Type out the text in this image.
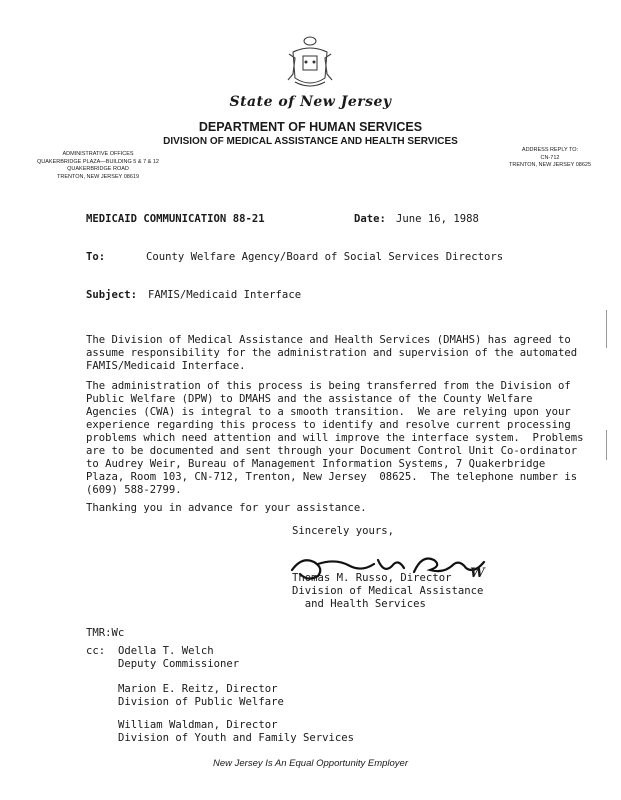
State of New Jersey
DEPARTMENT OF HUMAN SERVICES
DIVISION OF MEDICAL ASSISTANCE AND HEALTH SERVICES
ADMINISTRATIVE OFFICES
QUAKERBRIDGE PLAZA—BUILDING 5 & 7 & 12
QUAKERBRIDGE ROAD
TRENTON, NEW JERSEY 08619
ADDRESS REPLY TO:
CN-712
TRENTON, NEW JERSEY 08625
MEDICAID COMMUNICATION 88-21	Date: June 16, 1988
To:	County Welfare Agency/Board of Social Services Directors
Subject: FAMIS/Medicaid Interface
The Division of Medical Assistance and Health Services (DMAHS) has agreed to
assume responsibility for the administration and supervision of the automated
FAMIS/Medicaid Interface.
The administration of this process is being transferred from the Division of
Public Welfare (DPW) to DMAHS and the assistance of the County Welfare
Agencies (CWA) is integral to a smooth transition.  We are relying upon your
experience regarding this process to identify and resolve current processing
problems which need attention and will improve the interface system.  Problems
are to be documented and sent through your Document Control Unit Co-ordinator
to Audrey Weir, Bureau of Management Information Systems, 7 Quakerbridge
Plaza, Room 103, CN-712, Trenton, New Jersey  08625.  The telephone number is
(609) 588-2799.
Thanking you in advance for your assistance.
Sincerely yours,
Thomas M. Russo, Director
Division of Medical Assistance
and Health Services
W
TMR:Wc
cc: Odella T. Welch
Deputy Commissioner
Marion E. Reitz, Director
Division of Public Welfare
William Waldman, Director
Division of Youth and Family Services
New Jersey Is An Equal Opportunity Employer
